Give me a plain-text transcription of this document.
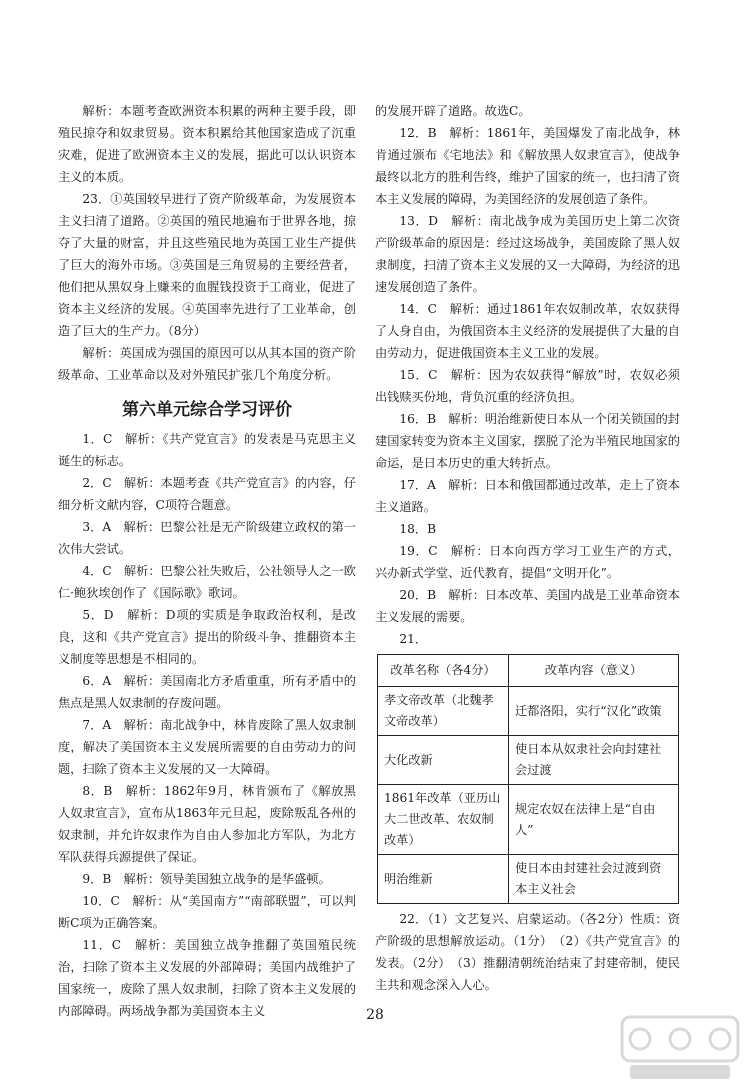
解析：本题考查欧洲资本积累的两种主要手段，即殖民掠夺和奴隶贸易。资本积累给其他国家造成了沉重灾难，促进了欧洲资本主义的发展，据此可以认识资本主义的本质。

23．①英国较早进行了资产阶级革命，为发展资本主义扫清了道路。②英国的殖民地遍布于世界各地，掠夺了大量的财富，并且这些殖民地为英国工业生产提供了巨大的海外市场。③英国是三角贸易的主要经营者，他们把从黑奴身上赚来的血腥钱投资于工商业，促进了资本主义经济的发展。④英国率先进行了工业革命，创造了巨大的生产力。（8分）

解析：英国成为强国的原因可以从其本国的资产阶级革命、工业革命以及对外殖民扩张几个角度分析。

第六单元综合学习评价

1．C　解析：《共产党宣言》的发表是马克思主义诞生的标志。

2．C　解析：本题考查《共产党宣言》的内容，仔细分析文献内容，C项符合题意。

3．A　解析：巴黎公社是无产阶级建立政权的第一次伟大尝试。

4．C　解析：巴黎公社失败后，公社领导人之一欧仁·鲍狄埃创作了《国际歌》歌词。

5．D　解析：D项的实质是争取政治权利，是改良，这和《共产党宣言》提出的阶级斗争、推翻资本主义制度等思想是不相同的。

6．A　解析：美国南北方矛盾重重，所有矛盾中的焦点是黑人奴隶制的存废问题。

7．A　解析：南北战争中，林肯废除了黑人奴隶制度，解决了美国资本主义发展所需要的自由劳动力的问题，扫除了资本主义发展的又一大障碍。

8．B　解析：1862年9月，林肯颁布了《解放黑人奴隶宣言》，宣布从1863年元旦起，废除叛乱各州的奴隶制，并允许奴隶作为自由人参加北方军队，为北方军队获得兵源提供了保证。

9．B　解析：领导美国独立战争的是华盛顿。

10．C　解析：从“美国南方”“南部联盟”，可以判断C项为正确答案。

11．C　解析：美国独立战争推翻了英国殖民统治，扫除了资本主义发展的外部障碍；美国内战维护了国家统一，废除了黑人奴隶制，扫除了资本主义发展的内部障碍。两场战争都为美国资本主义

的发展开辟了道路。故选C。

12．B　解析：1861年，美国爆发了南北战争，林肯通过颁布《宅地法》和《解放黑人奴隶宣言》，使战争最终以北方的胜利告终，维护了国家的统一，也扫清了资本主义发展的障碍，为美国经济的发展创造了条件。

13．D　解析：南北战争成为美国历史上第二次资产阶级革命的原因是：经过这场战争，美国废除了黑人奴隶制度，扫清了资本主义发展的又一大障碍，为经济的迅速发展创造了条件。

14．C　解析：通过1861年农奴制改革，农奴获得了人身自由，为俄国资本主义经济的发展提供了大量的自由劳动力，促进俄国资本主义工业的发展。

15．C　解析：因为农奴获得“解放”时，农奴必须出钱赎买份地，背负沉重的经济负担。

16．B　解析：明治维新使日本从一个闭关锁国的封建国家转变为资本主义国家，摆脱了沦为半殖民地国家的命运，是日本历史的重大转折点。

17．A　解析：日本和俄国都通过改革，走上了资本主义道路。

18．B

19．C　解析：日本向西方学习工业生产的方式，兴办新式学堂、近代教育，提倡“文明开化”。

20．B　解析：日本改革、美国内战是工业革命资本主义发展的需要。

21．

改革名称（各4分）	改革内容（意义）
孝文帝改革（北魏孝文帝改革）	迁都洛阳，实行“汉化”政策
大化改新	使日本从奴隶社会向封建社会过渡
1861年改革（亚历山大二世改革、农奴制改革）	规定农奴在法律上是“自由人”
明治维新	使日本由封建社会过渡到资本主义社会

22．（1）文艺复兴、启蒙运动。（各2分）性质：资产阶级的思想解放运动。（1分）　（2）《共产党宣言》的发表。（2分）　（3）推翻清朝统治结束了封建帝制，使民主共和观念深入人心。

28
